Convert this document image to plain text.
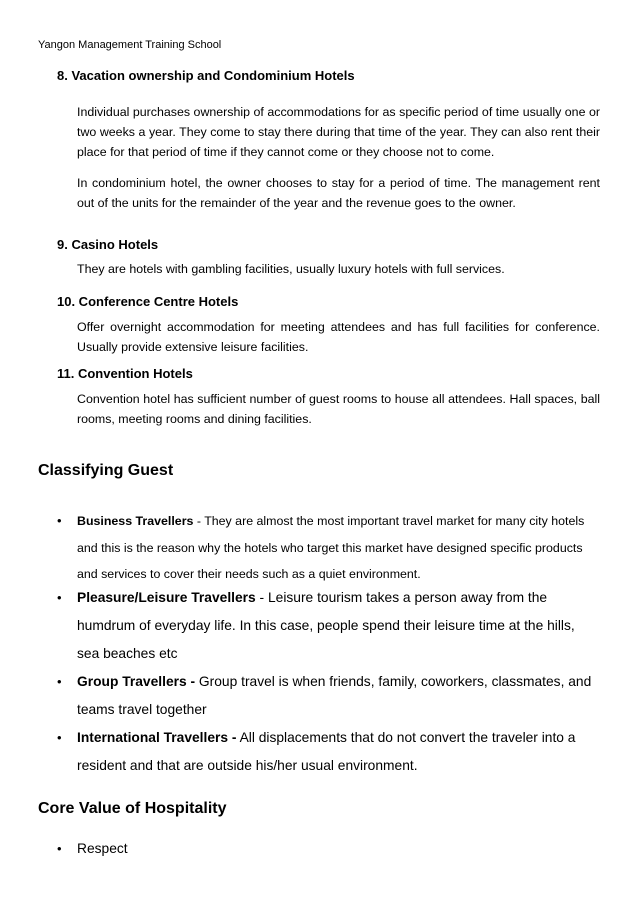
Yangon Management Training School
8. Vacation ownership and Condominium Hotels
Individual purchases ownership of accommodations for as specific period of time usually one or two weeks a year. They come to stay there during that time of the year. They can also rent their place for that period of time if they cannot come or they choose not to come.
In condominium hotel, the owner chooses to stay for a period of time. The management rent out of the units for the remainder of the year and the revenue goes to the owner.
9. Casino Hotels
They are hotels with gambling facilities, usually luxury hotels with full services.
10. Conference Centre Hotels
Offer overnight accommodation for meeting attendees and has full facilities for conference. Usually provide extensive leisure facilities.
11. Convention Hotels
Convention hotel has sufficient number of guest rooms to house all attendees. Hall spaces, ball rooms, meeting rooms and dining facilities.
Classifying Guest
• Business Travellers - They are almost the most important travel market for many city hotels and this is the reason why the hotels who target this market have designed specific products and services to cover their needs such as a quiet environment.
• Pleasure/Leisure Travellers - Leisure tourism takes a person away from the humdrum of everyday life. In this case, people spend their leisure time at the hills, sea beaches etc
• Group Travellers - Group travel is when friends, family, coworkers, classmates, and teams travel together
• International Travellers - All displacements that do not convert the traveler into a resident and that are outside his/her usual environment.
Core Value of Hospitality
• Respect
